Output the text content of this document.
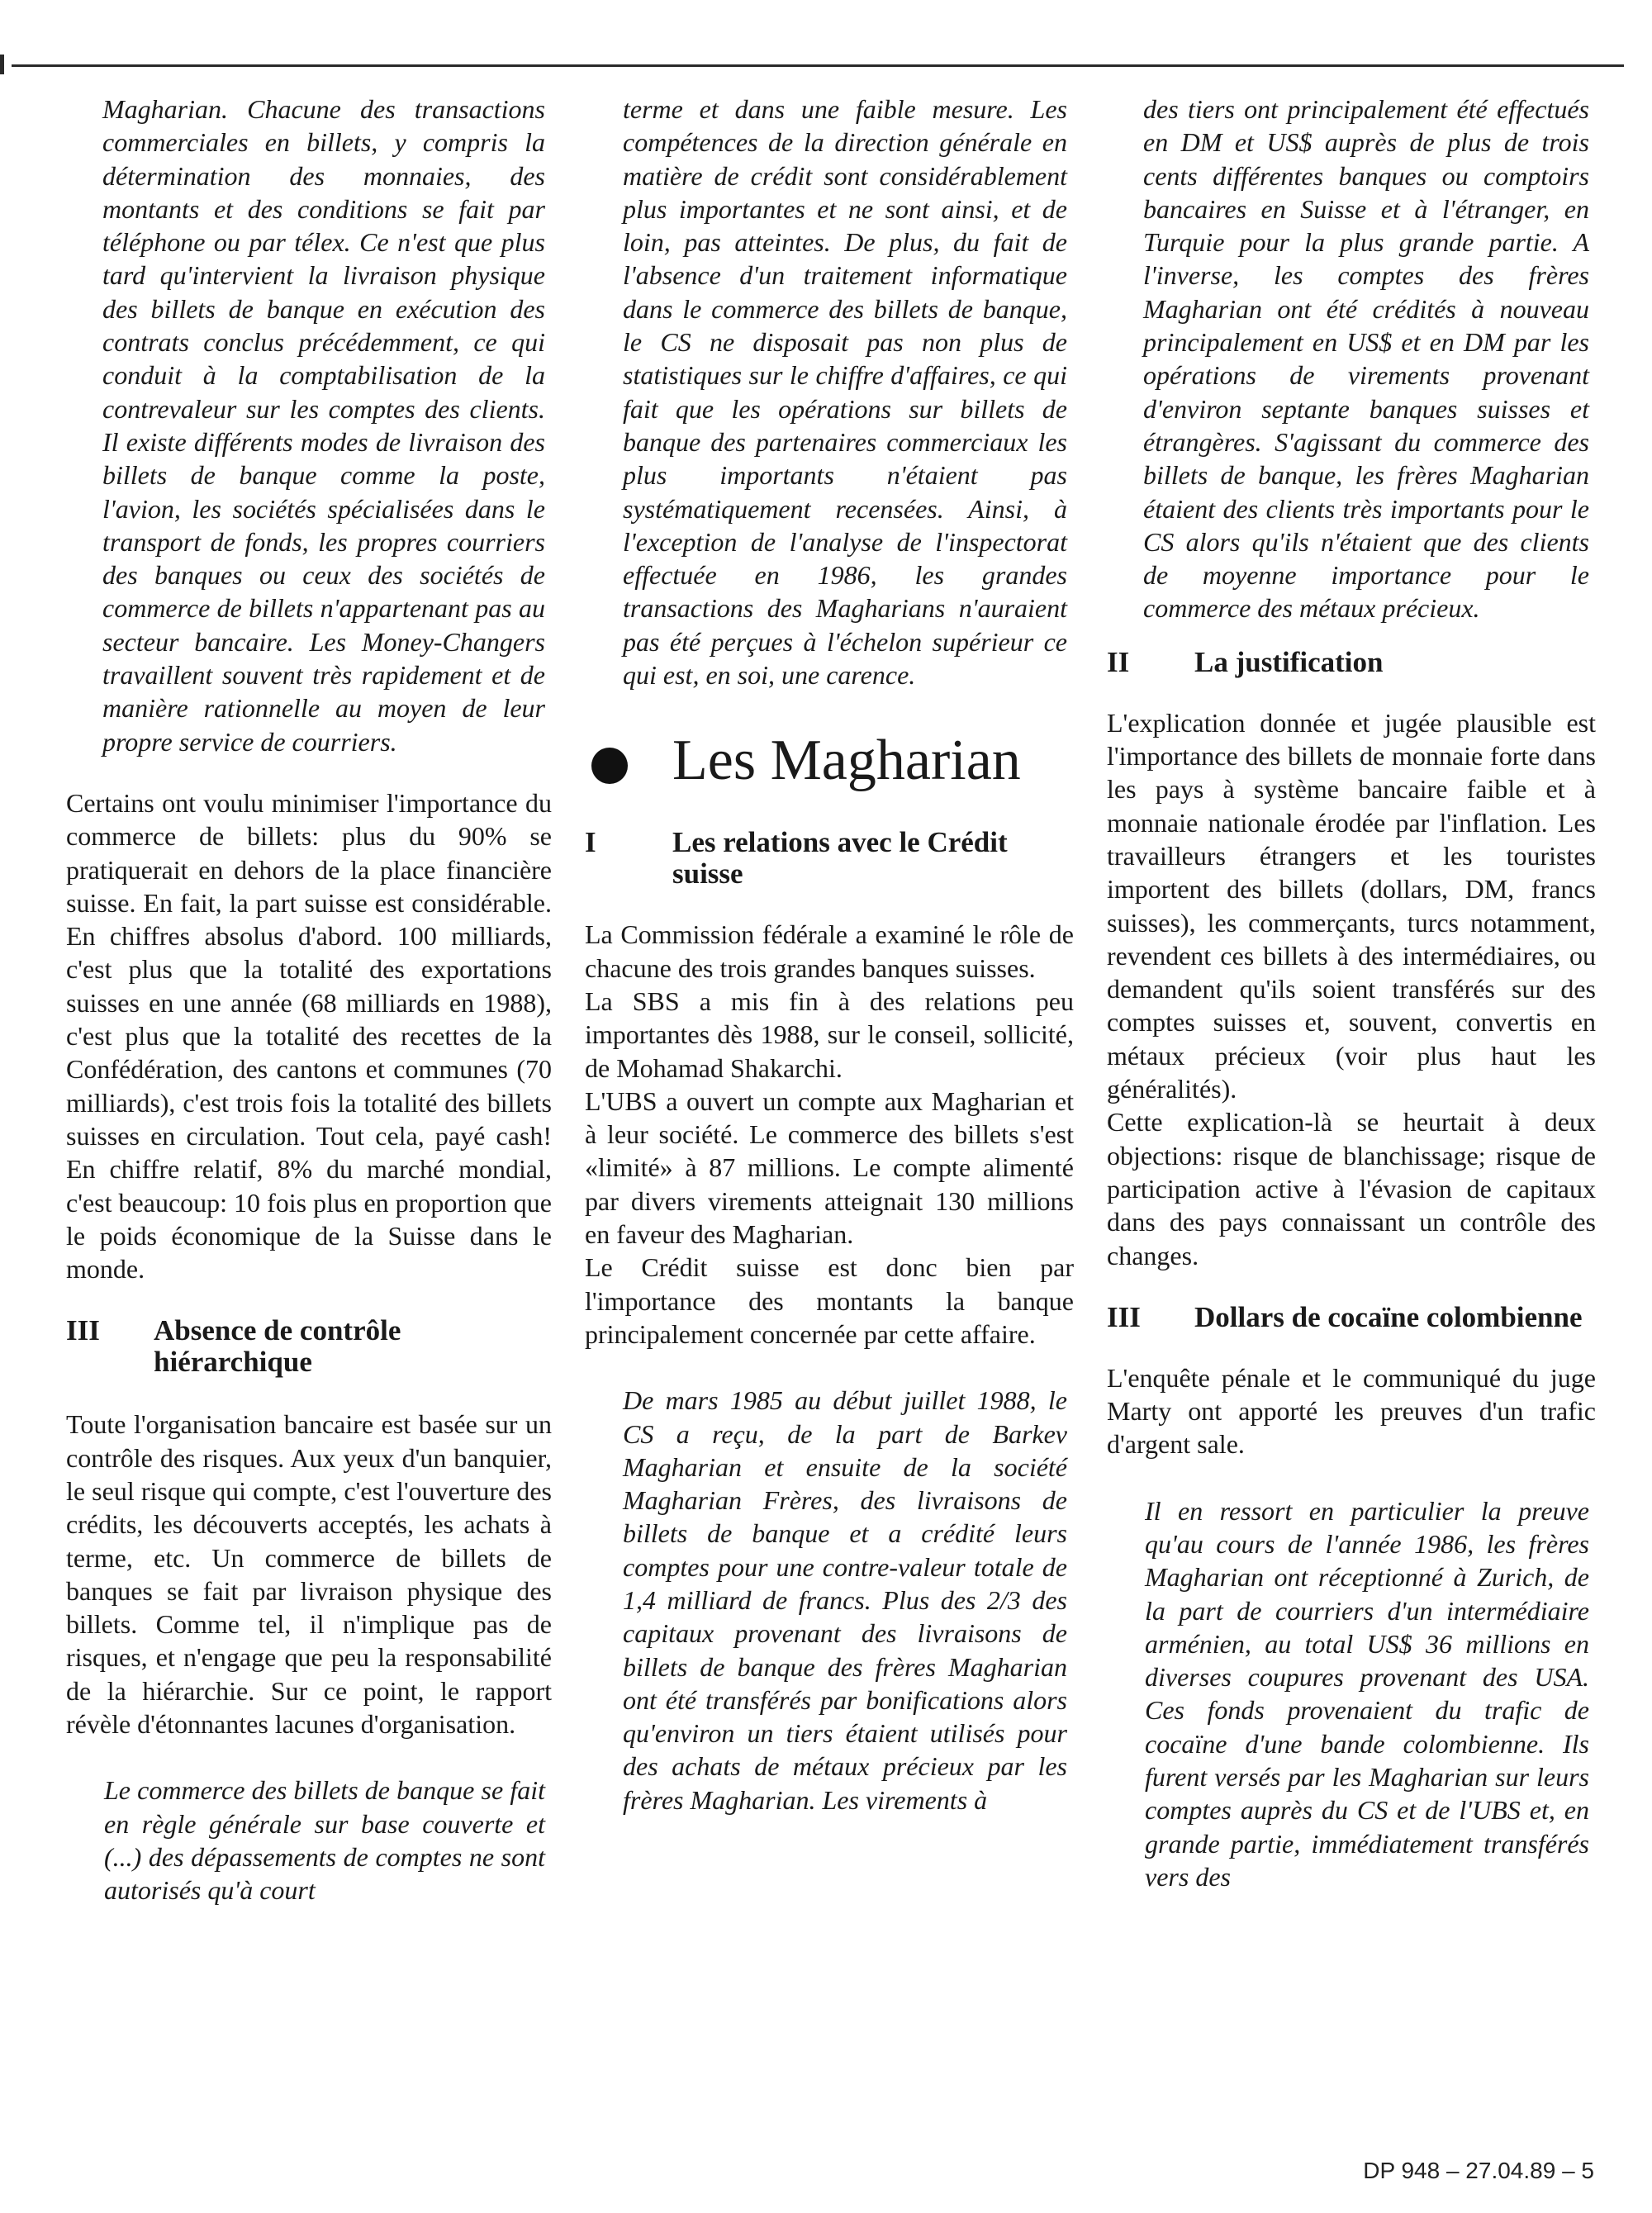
Magharian. Chacune des transactions commerciales en billets, y compris la détermination des monnaies, des montants et des conditions se fait par téléphone ou par télex. Ce n'est que plus tard qu'intervient la livraison physique des billets de banque en exécution des contrats conclus précédemment, ce qui conduit à la comptabilisation de la contrevaleur sur les comptes des clients. Il existe différents modes de livraison des billets de banque comme la poste, l'avion, les sociétés spécialisées dans le transport de fonds, les propres courriers des banques ou ceux des sociétés de commerce de billets n'appartenant pas au secteur bancaire. Les Money-Changers travaillent souvent très rapidement et de manière rationnelle au moyen de leur propre service de courriers.

Certains ont voulu minimiser l'importance du commerce de billets: plus du 90% se pratiquerait en dehors de la place financière suisse. En fait, la part suisse est considérable. En chiffres absolus d'abord. 100 milliards, c'est plus que la totalité des exportations suisses en une année (68 milliards en 1988), c'est plus que la totalité des recettes de la Confédération, des cantons et communes (70 milliards), c'est trois fois la totalité des billets suisses en circulation. Tout cela, payé cash! En chiffre relatif, 8% du marché mondial, c'est beaucoup: 10 fois plus en proportion que le poids économique de la Suisse dans le monde.

III	Absence de contrôle hiérarchique

Toute l'organisation bancaire est basée sur un contrôle des risques. Aux yeux d'un banquier, le seul risque qui compte, c'est l'ouverture des crédits, les découverts acceptés, les achats à terme, etc. Un commerce de billets de banques se fait par livraison physique des billets. Comme tel, il n'implique pas de risques, et n'engage que peu la responsabilité de la hiérarchie. Sur ce point, le rapport révèle d'étonnantes lacunes d'organisation.

Le commerce des billets de banque se fait en règle générale sur base couverte et (...) des dépassements de comptes ne sont autorisés qu'à court

terme et dans une faible mesure. Les compétences de la direction générale en matière de crédit sont considérablement plus importantes et ne sont ainsi, et de loin, pas atteintes. De plus, du fait de l'absence d'un traitement informatique dans le commerce des billets de banque, le CS ne disposait pas non plus de statistiques sur le chiffre d'affaires, ce qui fait que les opérations sur billets de banque des partenaires commerciaux les plus importants n'étaient pas systématiquement recensées. Ainsi, à l'exception de l'analyse de l'inspectorat effectuée en 1986, les grandes transactions des Magharians n'auraient pas été perçues à l'échelon supérieur ce qui est, en soi, une carence.

Les Magharian
I	Les relations avec le Crédit suisse

La Commission fédérale a examiné le rôle de chacune des trois grandes banques suisses.

La SBS a mis fin à des relations peu importantes dès 1988, sur le conseil, sollicité, de Mohamad Shakarchi.

L'UBS a ouvert un compte aux Magharian et à leur société. Le commerce des billets s'est «limité» à 87 millions. Le compte alimenté par divers virements atteignait 130 millions en faveur des Magharian.

Le Crédit suisse est donc bien par l'importance des montants la banque principalement concernée par cette affaire.

De mars 1985 au début juillet 1988, le CS a reçu, de la part de Barkev Magharian et ensuite de la société Magharian Frères, des livraisons de billets de banque et a crédité leurs comptes pour une contre-valeur totale de 1,4 milliard de francs. Plus des 2/3 des capitaux provenant des livraisons de billets de banque des frères Magharian ont été transférés par bonifications alors qu'environ un tiers étaient utilisés pour des achats de métaux précieux par les frères Magharian. Les virements à

des tiers ont principalement été effectués en DM et US$ auprès de plus de trois cents différentes banques ou comptoirs bancaires en Suisse et à l'étranger, en Turquie pour la plus grande partie. A l'inverse, les comptes des frères Magharian ont été crédités à nouveau principalement en US$ et en DM par les opérations de virements provenant d'environ septante banques suisses et étrangères. S'agissant du commerce des billets de banque, les frères Magharian étaient des clients très importants pour le CS alors qu'ils n'étaient que des clients de moyenne importance pour le commerce des métaux précieux.

II	La justification

L'explication donnée et jugée plausible est l'importance des billets de monnaie forte dans les pays à système bancaire faible et à monnaie nationale érodée par l'inflation. Les travailleurs étrangers et les touristes importent des billets (dollars, DM, francs suisses), les commerçants, turcs notamment, revendent ces billets à des intermédiaires, ou demandent qu'ils soient transférés sur des comptes suisses et, souvent, convertis en métaux précieux (voir plus haut les généralités).

Cette explication-là se heurtait à deux objections: risque de blanchissage; risque de participation active à l'évasion de capitaux dans des pays connaissant un contrôle des changes.

III	Dollars de cocaïne colombienne

L'enquête pénale et le communiqué du juge Marty ont apporté les preuves d'un trafic d'argent sale.

Il en ressort en particulier la preuve qu'au cours de l'année 1986, les frères Magharian ont réceptionné à Zurich, de la part de courriers d'un intermédiaire arménien, au total US$ 36 millions en diverses coupures provenant des USA. Ces fonds provenaient du trafic de cocaïne d'une bande colombienne. Ils furent versés par les Magharian sur leurs comptes auprès du CS et de l'UBS et, en grande partie, immédiatement transférés vers des

DP 948 – 27.04.89 – 5
